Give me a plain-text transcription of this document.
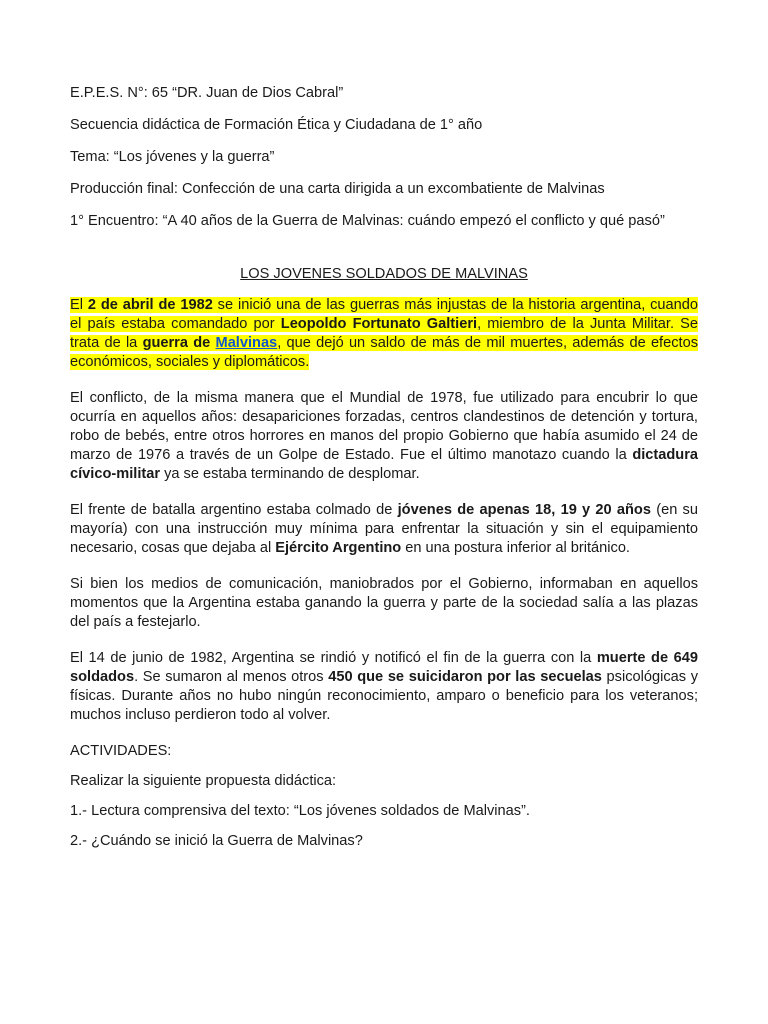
E.P.E.S. N°: 65 “DR. Juan de Dios Cabral”
Secuencia didáctica de Formación Ética y Ciudadana de 1° año
Tema: “Los jóvenes y la guerra”
Producción final: Confección de una carta dirigida a un excombatiente de Malvinas
1° Encuentro: “A 40 años de la Guerra de Malvinas: cuándo empezó el conflicto y qué pasó”
LOS JOVENES SOLDADOS DE MALVINAS

El 2 de abril de 1982 se inició una de las guerras más injustas de la historia argentina, cuando el país estaba comandado por Leopoldo Fortunato Galtieri, miembro de la Junta Militar. Se trata de la guerra de Malvinas, que dejó un saldo de más de mil muertes, además de efectos económicos, sociales y diplomáticos.

El conflicto, de la misma manera que el Mundial de 1978, fue utilizado para encubrir lo que ocurría en aquellos años: desapariciones forzadas, centros clandestinos de detención y tortura, robo de bebés, entre otros horrores en manos del propio Gobierno que había asumido el 24 de marzo de 1976 a través de un Golpe de Estado. Fue el último manotazo cuando la dictadura cívico-militar ya se estaba terminando de desplomar.

El frente de batalla argentino estaba colmado de jóvenes de apenas 18, 19 y 20 años (en su mayoría) con una instrucción muy mínima para enfrentar la situación y sin el equipamiento necesario, cosas que dejaba al Ejército Argentino en una postura inferior al británico.

Si bien los medios de comunicación, maniobrados por el Gobierno, informaban en aquellos momentos que la Argentina estaba ganando la guerra y parte de la sociedad salía a las plazas del país a festejarlo.

El 14 de junio de 1982, Argentina se rindió y notificó el fin de la guerra con la muerte de 649 soldados. Se sumaron al menos otros 450 que se suicidaron por las secuelas psicológicas y físicas. Durante años no hubo ningún reconocimiento, amparo o beneficio para los veteranos; muchos incluso perdieron todo al volver.

ACTIVIDADES:
Realizar la siguiente propuesta didáctica:
1.- Lectura comprensiva del texto: “Los jóvenes soldados de Malvinas”.
2.- ¿Cuándo se inició la Guerra de Malvinas?
